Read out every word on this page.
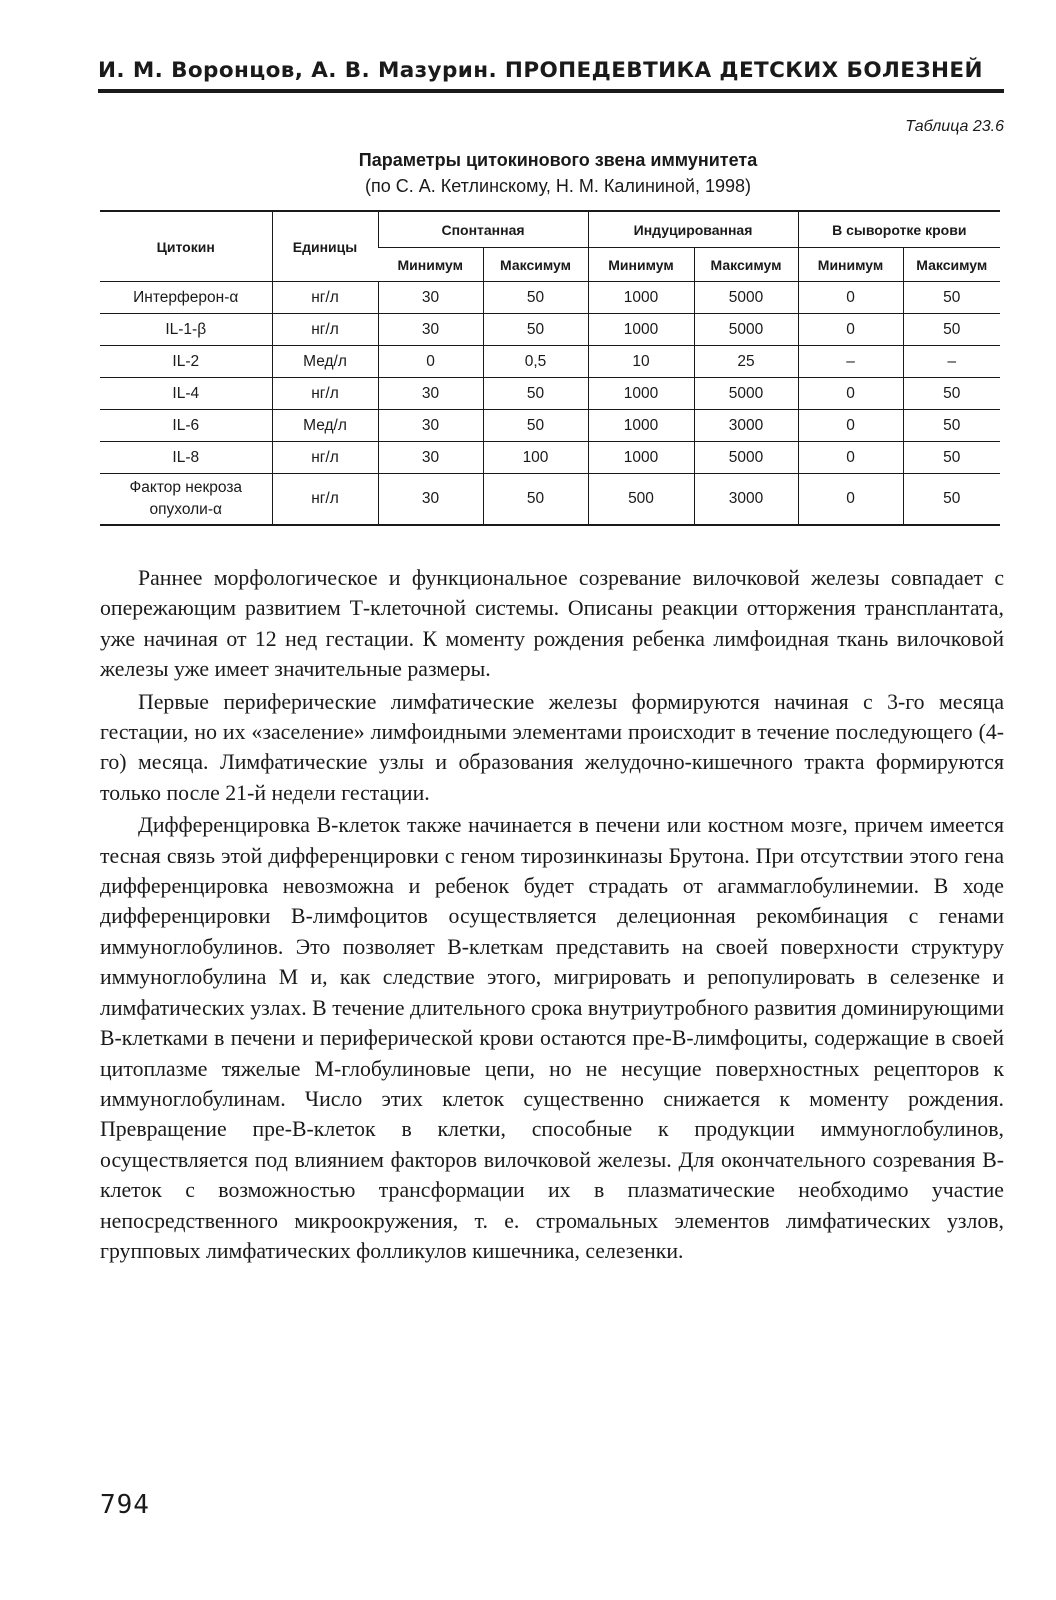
И. М. Воронцов, А. В. Мазурин. ПРОПЕДЕВТИКА ДЕТСКИХ БОЛЕЗНЕЙ
Таблица 23.6
Параметры цитокинового звена иммунитета
(по С. А. Кетлинскому, Н. М. Калининой, 1998)
Цитокин	Единицы	Спонтанная		Индуцированная		В сыворотке крови	
		Минимум	Максимум	Минимум	Максимум	Минимум	Максимум
Интерферон-α	нг/л	30	50	1000	5000	0	50
IL-1-β	нг/л	30	50	1000	5000	0	50
IL-2	Мед/л	0	0,5	10	25	–	–
IL-4	нг/л	30	50	1000	5000	0	50
IL-6	Мед/л	30	50	1000	3000	0	50
IL-8	нг/л	30	100	1000	5000	0	50
Фактор некроза
опухоли-α	нг/л	30	50	500	3000	0	50

Раннее морфологическое и функциональное созревание вилочковой железы совпадает с опережающим развитием Т-клеточной системы. Описаны реакции отторжения трансплантата, уже начиная от 12 нед гестации. К моменту рождения ребенка лимфоидная ткань вилочковой железы уже имеет значительные размеры.

Первые периферические лимфатические железы формируются начиная с 3-го месяца гестации, но их «заселение» лимфоидными элементами происходит в течение последующего (4-го) месяца. Лимфатические узлы и образования желудочно-кишечного тракта формируются только после 21-й недели гестации.

Дифференцировка В-клеток также начинается в печени или костном мозге, причем имеется тесная связь этой дифференцировки с геном тирозинкиназы Брутона. При отсутствии этого гена дифференцировка невозможна и ребенок будет страдать от агаммаглобулинемии. В ходе дифференцировки В-лимфоцитов осуществляется делеционная рекомбинация с генами иммуноглобулинов. Это позволяет В-клеткам представить на своей поверхности структуру иммуноглобулина М и, как следствие этого, мигрировать и репопулировать в селезенке и лимфатических узлах. В течение длительного срока внутриутробного развития доминирующими В-клетками в печени и периферической крови остаются пре-В-лимфоциты, содержащие в своей цитоплазме тяжелые М-глобулиновые цепи, но не несущие поверхностных рецепторов к иммуноглобулинам. Число этих клеток существенно снижается к моменту рождения. Превращение пре-В-клеток в клетки, способные к продукции иммуноглобулинов, осуществляется под влиянием факторов вилочковой железы. Для окончательного созревания В-клеток с возможностью трансформации их в плазматические необходимо участие непосредственного микроокружения, т. е. стромальных элементов лимфатических узлов, групповых лимфатических фолликулов кишечника, селезенки.

794
